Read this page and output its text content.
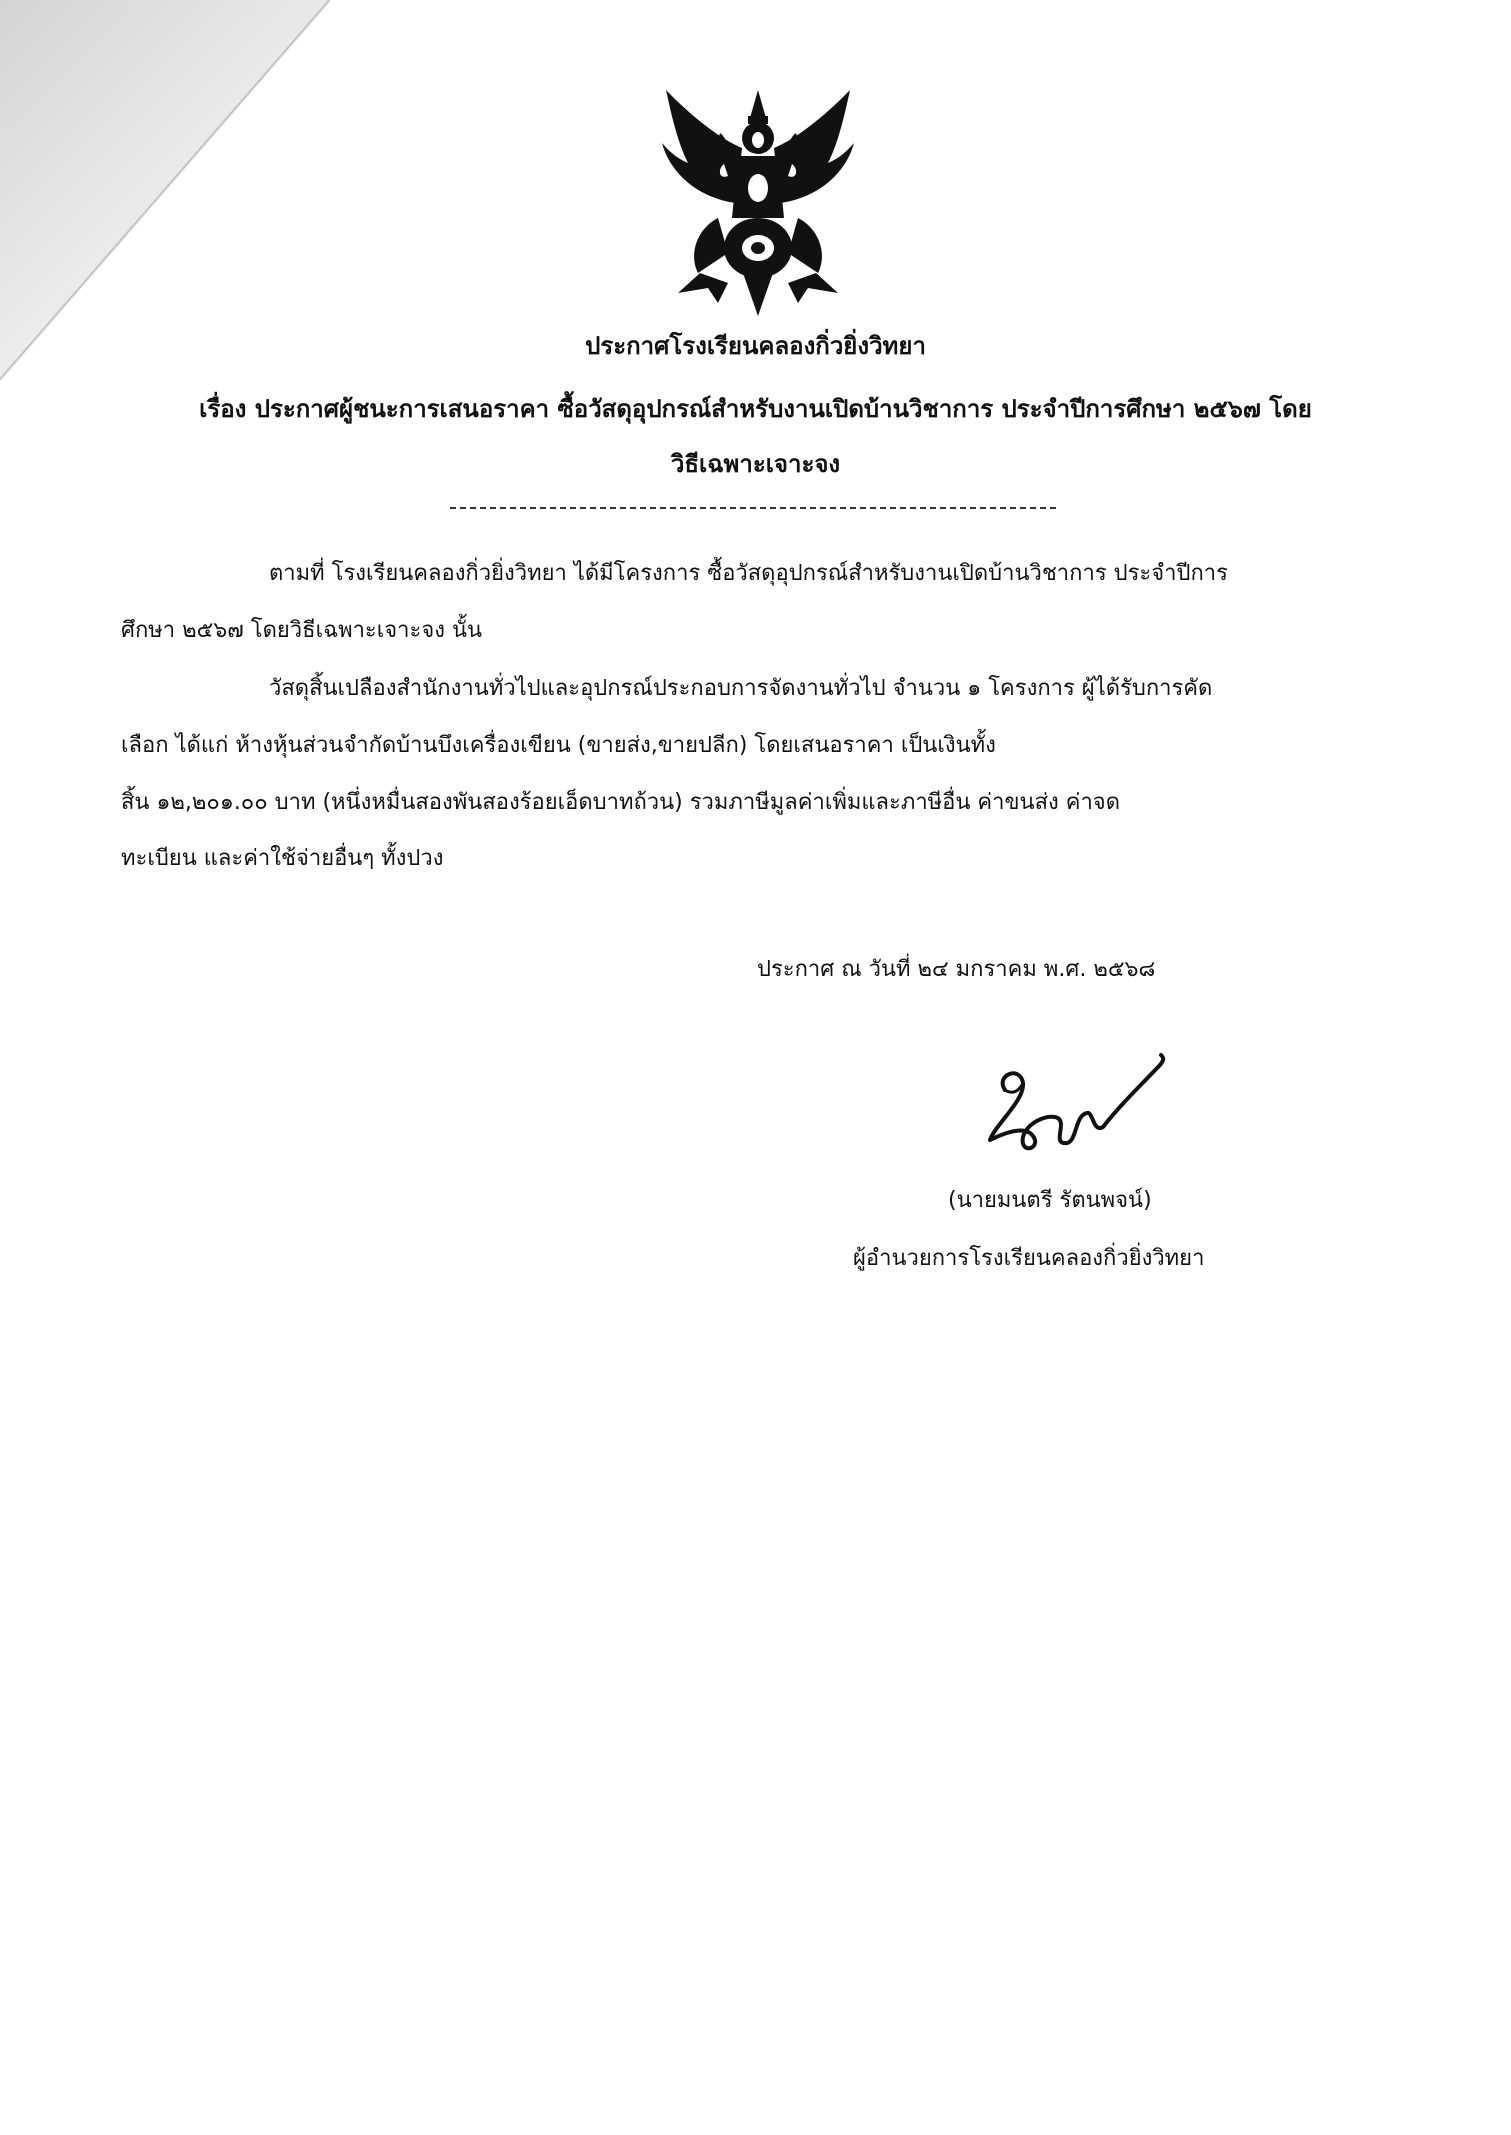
ประกาศโรงเรียนคลองกิ่วยิ่งวิทยา
เรื่อง ประกาศผู้ชนะการเสนอราคา ซื้อวัสดุอุปกรณ์สำหรับงานเปิดบ้านวิชาการ ประจำปีการศึกษา ๒๕๖๗ โดย
วิธีเฉพาะเจาะจง
ตามที่ โรงเรียนคลองกิ่วยิ่งวิทยา ได้มีโครงการ ซื้อวัสดุอุปกรณ์สำหรับงานเปิดบ้านวิชาการ ประจำปีการ
ศึกษา ๒๕๖๗ โดยวิธีเฉพาะเจาะจง นั้น
วัสดุสิ้นเปลืองสำนักงานทั่วไปและอุปกรณ์ประกอบการจัดงานทั่วไป จำนวน ๑ โครงการ ผู้ได้รับการคัด
เลือก ได้แก่ ห้างหุ้นส่วนจำกัดบ้านบึงเครื่องเขียน (ขายส่ง,ขายปลีก) โดยเสนอราคา เป็นเงินทั้ง
สิ้น ๑๒,๒๐๑.๐๐ บาท (หนึ่งหมื่นสองพันสองร้อยเอ็ดบาทถ้วน) รวมภาษีมูลค่าเพิ่มและภาษีอื่น ค่าขนส่ง ค่าจด
ทะเบียน และค่าใช้จ่ายอื่นๆ ทั้งปวง
ประกาศ ณ วันที่ ๒๔ มกราคม พ.ศ. ๒๕๖๘
(นายมนตรี รัตนพจน์)
ผู้อำนวยการโรงเรียนคลองกิ่วยิ่งวิทยา
